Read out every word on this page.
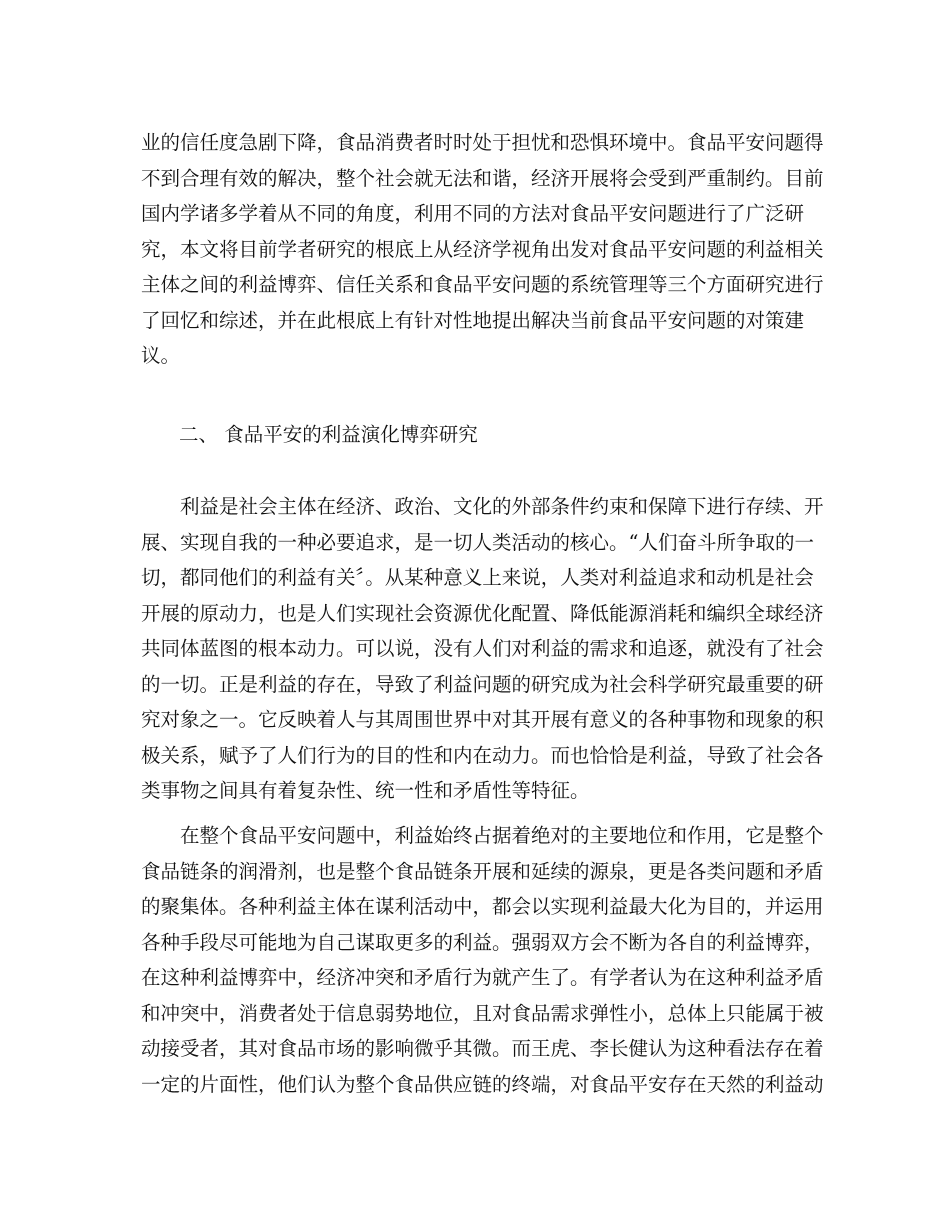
业的信任度急剧下降，食品消费者时时处于担忧和恐惧环境中。食品平安问题得
不到合理有效的解决，整个社会就无法和谐，经济开展将会受到严重制约。目前
国内学诸多学着从不同的角度，利用不同的方法对食品平安问题进行了广泛研
究，本文将目前学者研究的根底上从经济学视角出发对食品平安问题的利益相关
主体之间的利益博弈、信任关系和食品平安问题的系统管理等三个方面研究进行
了回忆和综述，并在此根底上有针对性地提出解决当前食品平安问题的对策建
议。
二、 食品平安的利益演化博弈研究
利益是社会主体在经济、政治、文化的外部条件约束和保障下进行存续、开
展、实现自我的一种必要追求，是一切人类活动的核心。“人们奋斗所争取的一
切，都同他们的利益有关〞。从某种意义上来说，人类对利益追求和动机是社会
开展的原动力，也是人们实现社会资源优化配置、降低能源消耗和编织全球经济
共同体蓝图的根本动力。可以说，没有人们对利益的需求和追逐，就没有了社会
的一切。正是利益的存在，导致了利益问题的研究成为社会科学研究最重要的研
究对象之一。它反映着人与其周围世界中对其开展有意义的各种事物和现象的积
极关系，赋予了人们行为的目的性和内在动力。而也恰恰是利益，导致了社会各
类事物之间具有着复杂性、统一性和矛盾性等特征。
在整个食品平安问题中，利益始终占据着绝对的主要地位和作用，它是整个
食品链条的润滑剂，也是整个食品链条开展和延续的源泉，更是各类问题和矛盾
的聚集体。各种利益主体在谋利活动中，都会以实现利益最大化为目的，并运用
各种手段尽可能地为自己谋取更多的利益。强弱双方会不断为各自的利益博弈，
在这种利益博弈中，经济冲突和矛盾行为就产生了。有学者认为在这种利益矛盾
和冲突中，消费者处于信息弱势地位，且对食品需求弹性小，总体上只能属于被
动接受者，其对食品市场的影响微乎其微。而王虎、李长健认为这种看法存在着
一定的片面性，他们认为整个食品供应链的终端，对食品平安存在天然的利益动
